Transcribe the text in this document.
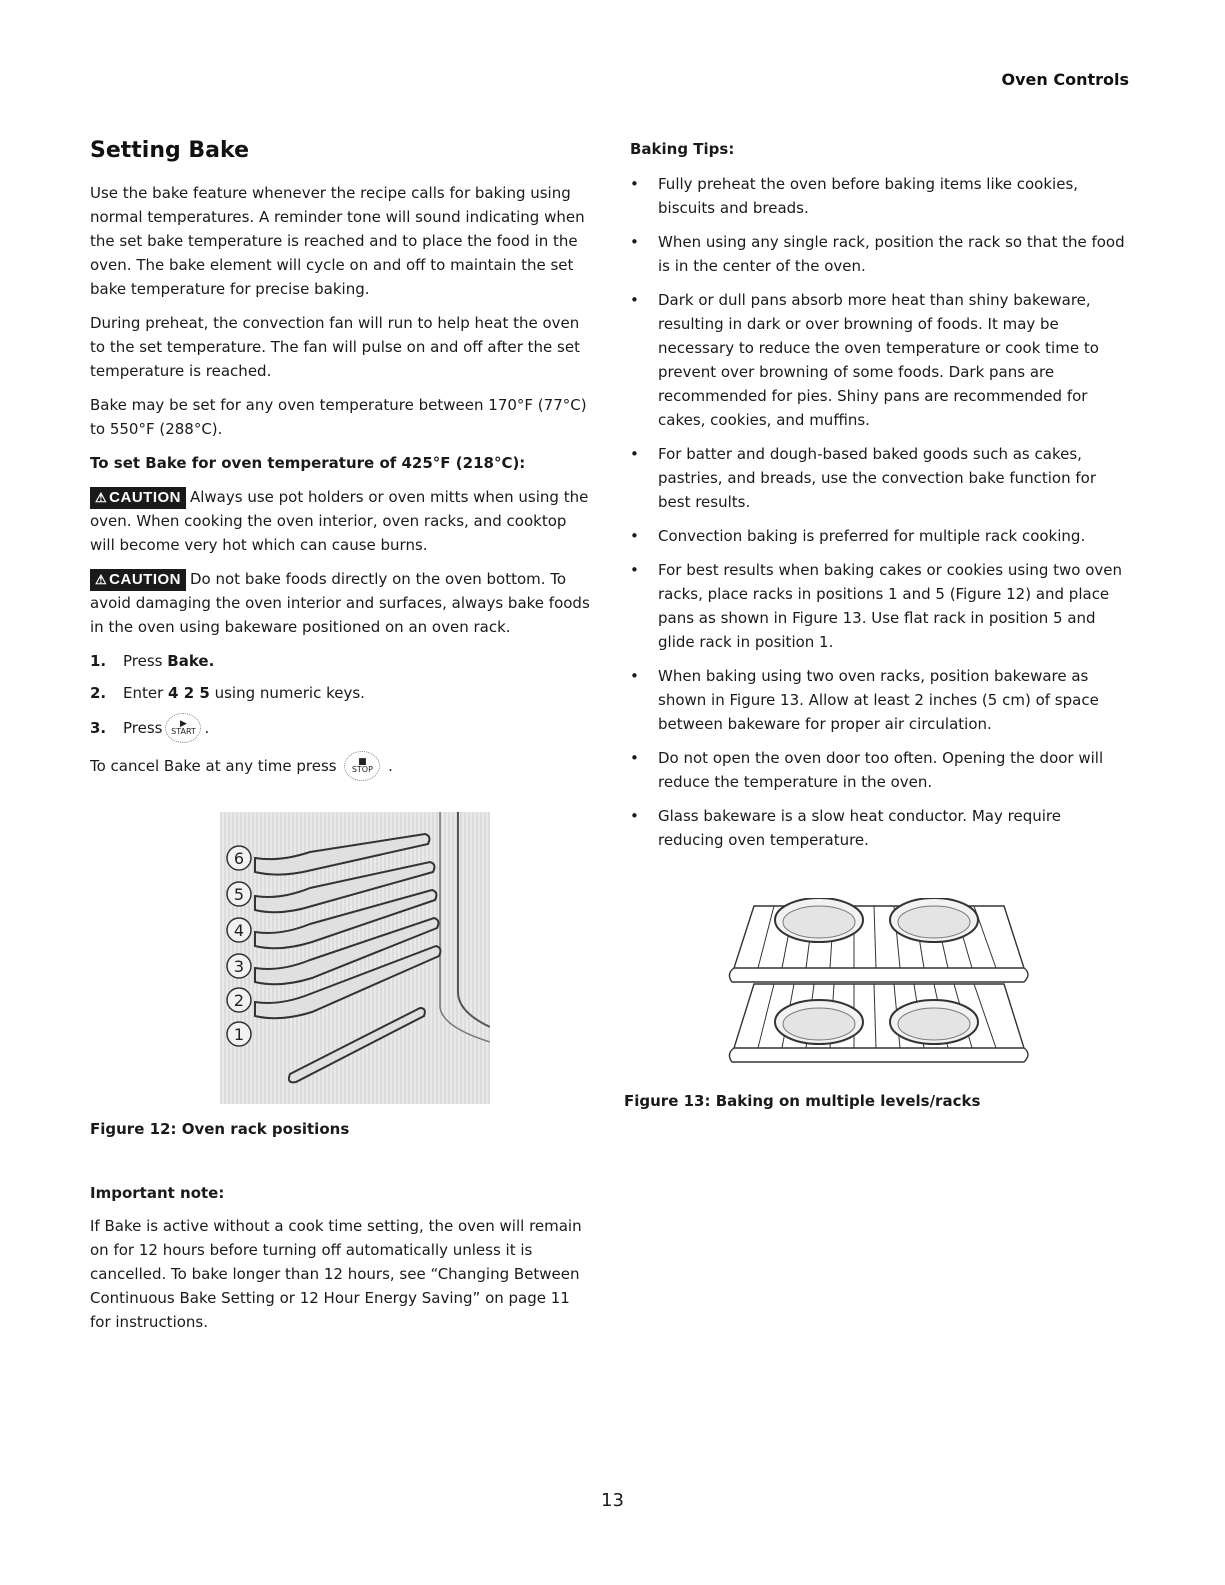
Oven Controls
Setting Bake

Use the bake feature whenever the recipe calls for baking using normal temperatures. A reminder tone will sound indicating when the set bake temperature is reached and to place the food in the oven. The bake element will cycle on and off to maintain the set bake temperature for precise baking.

During preheat, the convection fan will run to help heat the oven to the set temperature. The fan will pulse on and off after the set temperature is reached.

Bake may be set for any oven temperature between 170°F (77°C) to 550°F (288°C).

To set Bake for oven temperature of 425°F (218°C):

⚠ CAUTION Always use pot holders or oven mitts when using the oven. When cooking the oven interior, oven racks, and cooktop will become very hot which can cause burns.

⚠ CAUTION Do not bake foods directly on the oven bottom. To avoid damaging the oven interior and surfaces, always bake foods in the oven using bakeware positioned on an oven rack.

1.	Press
Bake.
2.	Enter
4 2 5
using numeric keys.
3.	Press ▶
START .
To cancel Bake at any time press
■
STOP
.
6
5
4
3
2
1
Figure 12: Oven rack positions
Important note:

If Bake is active without a cook time setting, the oven will remain on for 12 hours before turning off automatically unless it is cancelled. To bake longer than 12 hours, see “Changing Between Continuous Bake Setting or 12 Hour Energy Saving” on page 11 for instructions.

Baking Tips:
• Fully preheat the oven before baking items like cookies, biscuits and breads.
• When using any single rack, position the rack so that the food is in the center of the oven.
• Dark or dull pans absorb more heat than shiny bakeware, resulting in dark or over browning of foods. It may be necessary to reduce the oven temperature or cook time to prevent over browning of some foods. Dark pans are recommended for pies. Shiny pans are recommended for cakes, cookies, and muffins.
• For batter and dough-based baked goods such as cakes, pastries, and breads, use the convection bake function for best results.
• Convection baking is preferred for multiple rack cooking.
• For best results when baking cakes or cookies using two oven racks, place racks in positions 1 and 5 (Figure 12) and place pans as shown in Figure 13. Use flat rack in position 5 and glide rack in position 1.
• When baking using two oven racks, position bakeware as shown in Figure 13. Allow at least 2 inches (5 cm) of space between bakeware for proper air circulation.
• Do not open the oven door too often. Opening the door will reduce the temperature in the oven.
• Glass bakeware is a slow heat conductor. May require reducing oven temperature.
Figure 13: Baking on multiple levels/racks
13
